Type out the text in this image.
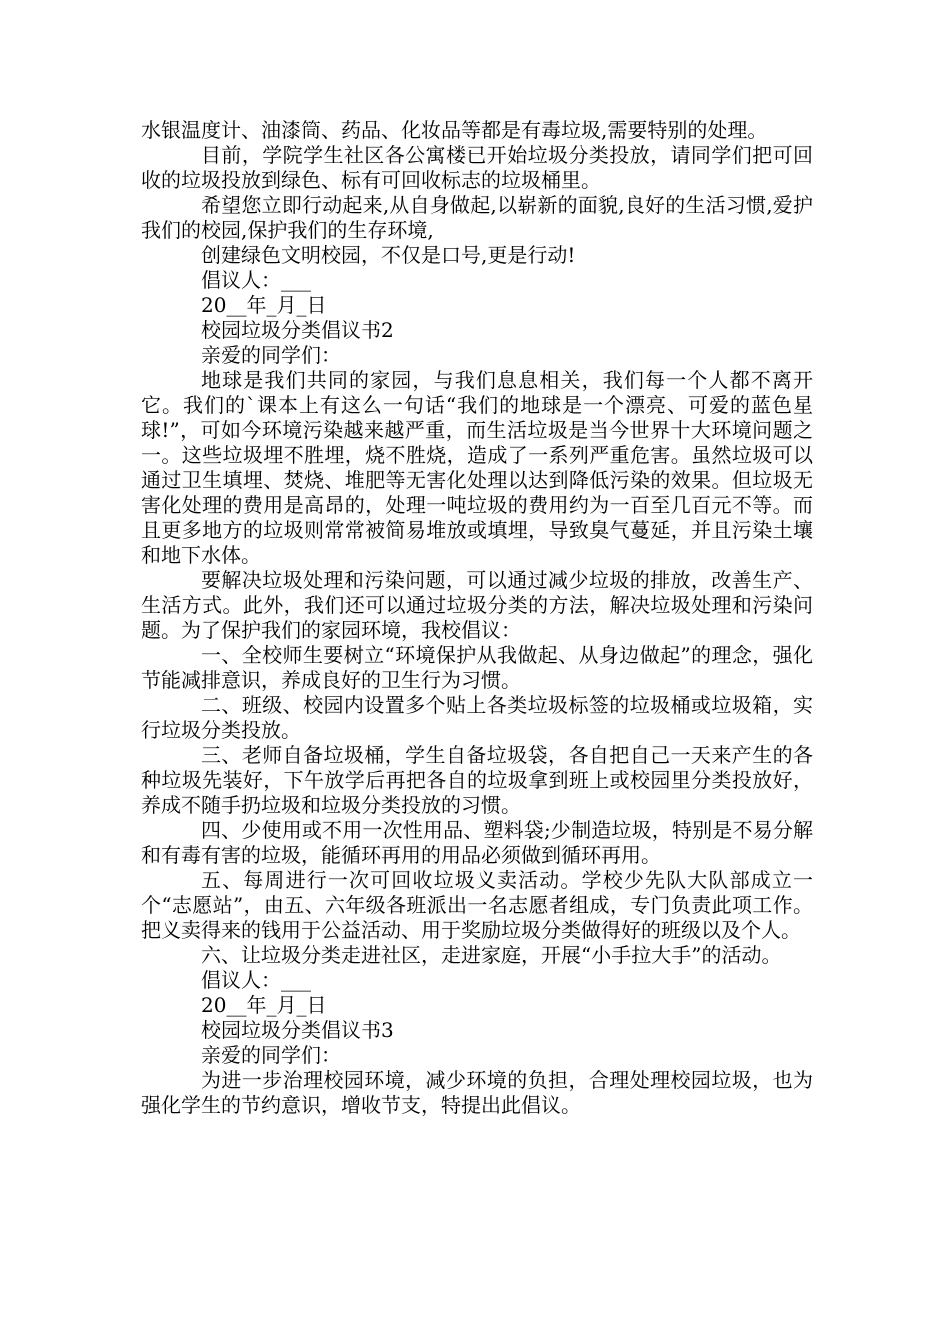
水银温度计、油漆筒、药品、化妆品等都是有毒垃圾,需要特别的处理。

目前，学院学生社区各公寓楼已开始垃圾分类投放，请同学们把可回收的垃圾投放到绿色、标有可回收标志的垃圾桶里。

希望您立即行动起来,从自身做起,以崭新的面貌,良好的生活习惯,爱护我们的校园,保护我们的生存环境,

创建绿色文明校园，不仅是口号,更是行动!

倡议人：___

20__年_月_日

校园垃圾分类倡议书2

亲爱的同学们：

地球是我们共同的家园，与我们息息相关，我们每一个人都不离开它。我们的`课本上有这么一句话“我们的地球是一个漂亮、可爱的蓝色星球!”，可如今环境污染越来越严重，而生活垃圾是当今世界十大环境问题之一。这些垃圾埋不胜埋，烧不胜烧，造成了一系列严重危害。虽然垃圾可以通过卫生填埋、焚烧、堆肥等无害化处理以达到降低污染的效果。但垃圾无害化处理的费用是高昂的，处理一吨垃圾的费用约为一百至几百元不等。而且更多地方的垃圾则常常被简易堆放或填埋，导致臭气蔓延，并且污染土壤和地下水体。

要解决垃圾处理和污染问题，可以通过减少垃圾的排放，改善生产、生活方式。此外，我们还可以通过垃圾分类的方法，解决垃圾处理和污染问题。为了保护我们的家园环境，我校倡议：

一、全校师生要树立“环境保护从我做起、从身边做起”的理念，强化节能减排意识，养成良好的卫生行为习惯。

二、班级、校园内设置多个贴上各类垃圾标签的垃圾桶或垃圾箱，实行垃圾分类投放。

三、老师自备垃圾桶，学生自备垃圾袋，各自把自己一天来产生的各种垃圾先装好，下午放学后再把各自的垃圾拿到班上或校园里分类投放好，养成不随手扔垃圾和垃圾分类投放的习惯。

四、少使用或不用一次性用品、塑料袋;少制造垃圾，特别是不易分解和有毒有害的垃圾，能循环再用的用品必须做到循环再用。

五、每周进行一次可回收垃圾义卖活动。学校少先队大队部成立一个“志愿站”，由五、六年级各班派出一名志愿者组成，专门负责此项工作。把义卖得来的钱用于公益活动、用于奖励垃圾分类做得好的班级以及个人。

六、让垃圾分类走进社区，走进家庭，开展“小手拉大手”的活动。

倡议人：___

20__年_月_日

校园垃圾分类倡议书3

亲爱的同学们：

为进一步治理校园环境，减少环境的负担，合理处理校园垃圾，也为强化学生的节约意识，增收节支，特提出此倡议。
